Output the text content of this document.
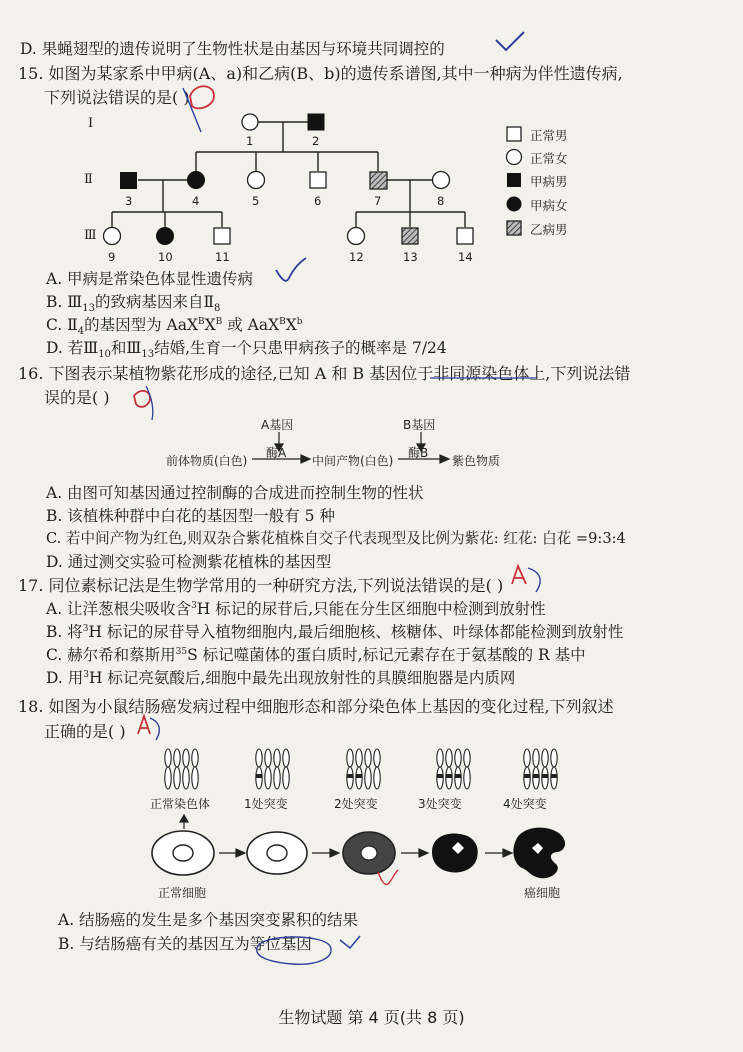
D. 果蝇翅型的遗传说明了生物性状是由基因与环境共同调控的
15. 如图为某家系中甲病(A、a)和乙病(B、b)的遗传系谱图,其中一种病为伴性遗传病,
下列说法错误的是( )
Ⅰ
Ⅱ
Ⅲ
1	2
3	4	5	6	7	8
9	10	11	12	13	14
正常男
正常女
甲病男
甲病女
乙病男
A. 甲病是常染色体显性遗传病
B. $Ⅲ_{13}$的致病基因来自$Ⅱ_8$
C. $Ⅱ_4$的基因型为 $AaX^BX^B$ 或 $AaX^BX^b$
D. 若$Ⅲ_{10}$和$Ⅲ_{13}$结婚,生育一个只患甲病孩子的概率是 7/24
16. 下图表示某植物紫花形成的途径,已知 A 和 B 基因位于非同源染色体上,下列说法错
误的是( )
A基因	B基因
酶A	酶B
前体物质(白色)	中间产物(白色)	紫色物质
A. 由图可知基因通过控制酶的合成进而控制生物的性状
B. 该植株种群中白花的基因型一般有 5 种
C. 若中间产物为红色,则双杂合紫花植株自交子代表现型及比例为紫花: 红花: 白花 =9:3:4
D. 通过测交实验可检测紫花植株的基因型
17. 同位素标记法是生物学常用的一种研究方法,下列说法错误的是( )
A. 让洋葱根尖吸收含$^3$H 标记的尿苷后,只能在分生区细胞中检测到放射性
B. 将$^3$H 标记的尿苷导入植物细胞内,最后细胞核、核糖体、叶绿体都能检测到放射性
C. 赫尔希和蔡斯用$^{35}$S 标记噬菌体的蛋白质时,标记元素存在于氨基酸的 R 基中
D. 用$^3$H 标记亮氨酸后,细胞中最先出现放射性的具膜细胞器是内质网
18. 如图为小鼠结肠癌发病过程中细胞形态和部分染色体上基因的变化过程,下列叙述
正确的是( )
正常染色体	1处突变	2处突变	3处突变	4处突变
正常细胞	癌细胞
A. 结肠癌的发生是多个基因突变累积的结果
B. 与结肠癌有关的基因互为等位基因
生物试题 第 4 页(共 8 页)
